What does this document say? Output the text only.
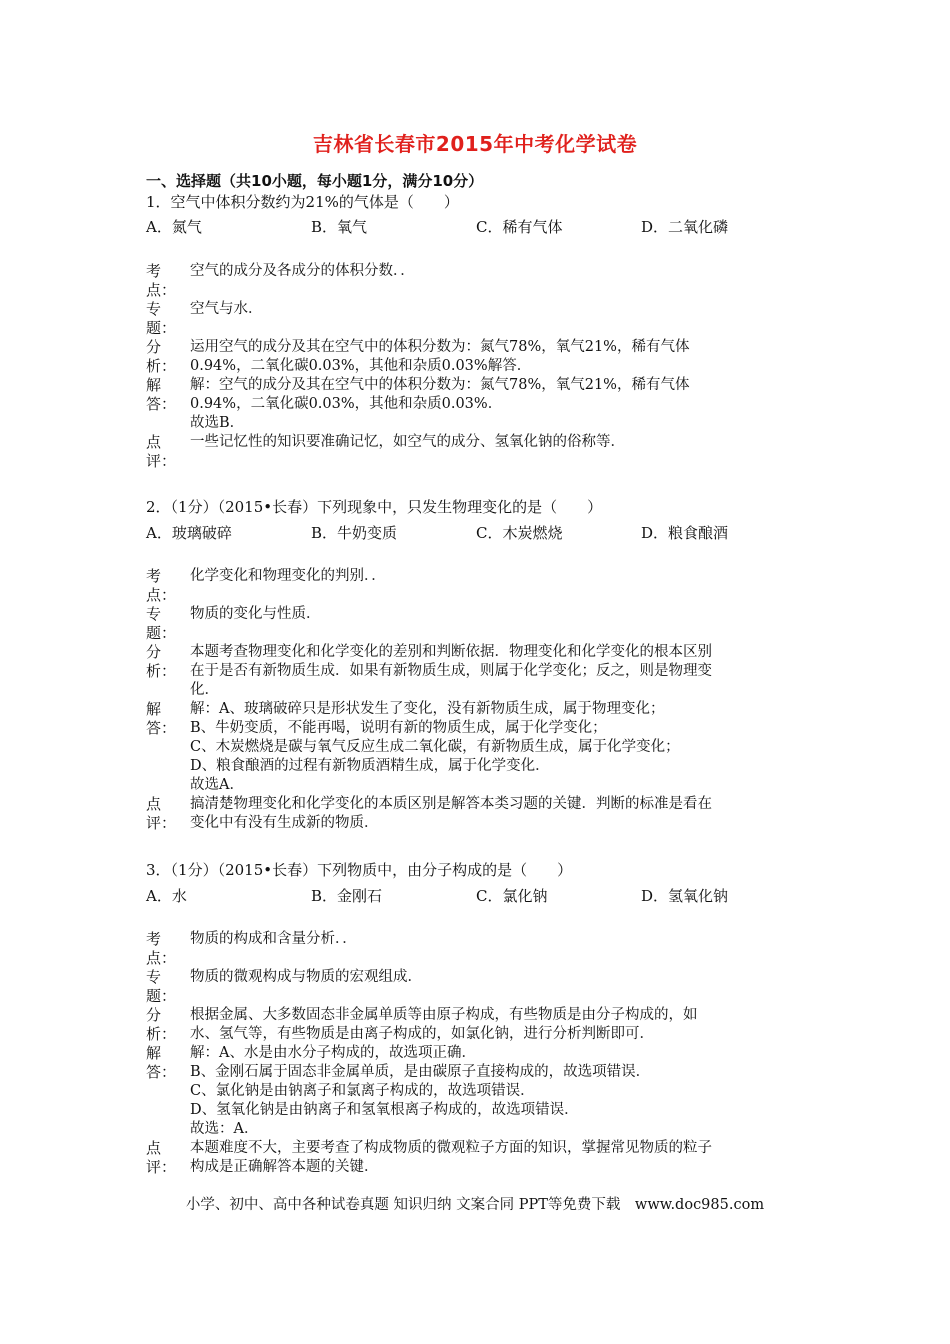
吉林省长春市2015年中考化学试卷
一、选择题（共10小题，每小题1分，满分10分）
1．空气中体积分数约为21%的气体是（　　）
A．氮气	B．氧气	C．稀有气体	D．二氧化磷
考
点：
空气的成分及各成分的体积分数．．
专
题：
空气与水．
分
析：
运用空气的成分及其在空气中的体积分数为：氮气78%，氧气21%，稀有气体
0.94%，二氧化碳0.03%，其他和杂质0.03%解答．
解
答：
解：空气的成分及其在空气中的体积分数为：氮气78%，氧气21%，稀有气体
0.94%，二氧化碳0.03%，其他和杂质0.03%．
故选B．
点
评：
一些记忆性的知识要准确记忆，如空气的成分、氢氧化钠的俗称等．
2．（1分）（2015•长春）下列现象中，只发生物理变化的是（　　）
A．玻璃破碎	B．牛奶变质	C．木炭燃烧	D．粮食酿酒
考
点：
化学变化和物理变化的判别．．
专
题：
物质的变化与性质．
分
析：
本题考查物理变化和化学变化的差别和判断依据．物理变化和化学变化的根本区别
在于是否有新物质生成．如果有新物质生成，则属于化学变化；反之，则是物理变
化．
解
答：
解：A、玻璃破碎只是形状发生了变化，没有新物质生成，属于物理变化；
B、牛奶变质，不能再喝，说明有新的物质生成，属于化学变化；
C、木炭燃烧是碳与氧气反应生成二氧化碳，有新物质生成，属于化学变化；
D、粮食酿酒的过程有新物质酒精生成，属于化学变化．
故选A．
点
评：
搞清楚物理变化和化学变化的本质区别是解答本类习题的关键．判断的标准是看在
变化中有没有生成新的物质．
3．（1分）（2015•长春）下列物质中，由分子构成的是（　　）
A．水	B．金刚石	C．氯化钠	D．氢氧化钠
考
点：
物质的构成和含量分析．．
专
题：
物质的微观构成与物质的宏观组成．
分
析：
根据金属、大多数固态非金属单质等由原子构成，有些物质是由分子构成的，如
水、氢气等，有些物质是由离子构成的，如氯化钠，进行分析判断即可．
解
答：
解：A、水是由水分子构成的，故选项正确．
B、金刚石属于固态非金属单质，是由碳原子直接构成的，故选项错误．
C、氯化钠是由钠离子和氯离子构成的，故选项错误．
D、氢氧化钠是由钠离子和氢氧根离子构成的，故选项错误．
故选：A．
点
评：
本题难度不大，主要考查了构成物质的微观粒子方面的知识，掌握常见物质的粒子
构成是正确解答本题的关键．
小学、初中、高中各种试卷真题 知识归纳 文案合同 PPT等免费下载　www.doc985.com
